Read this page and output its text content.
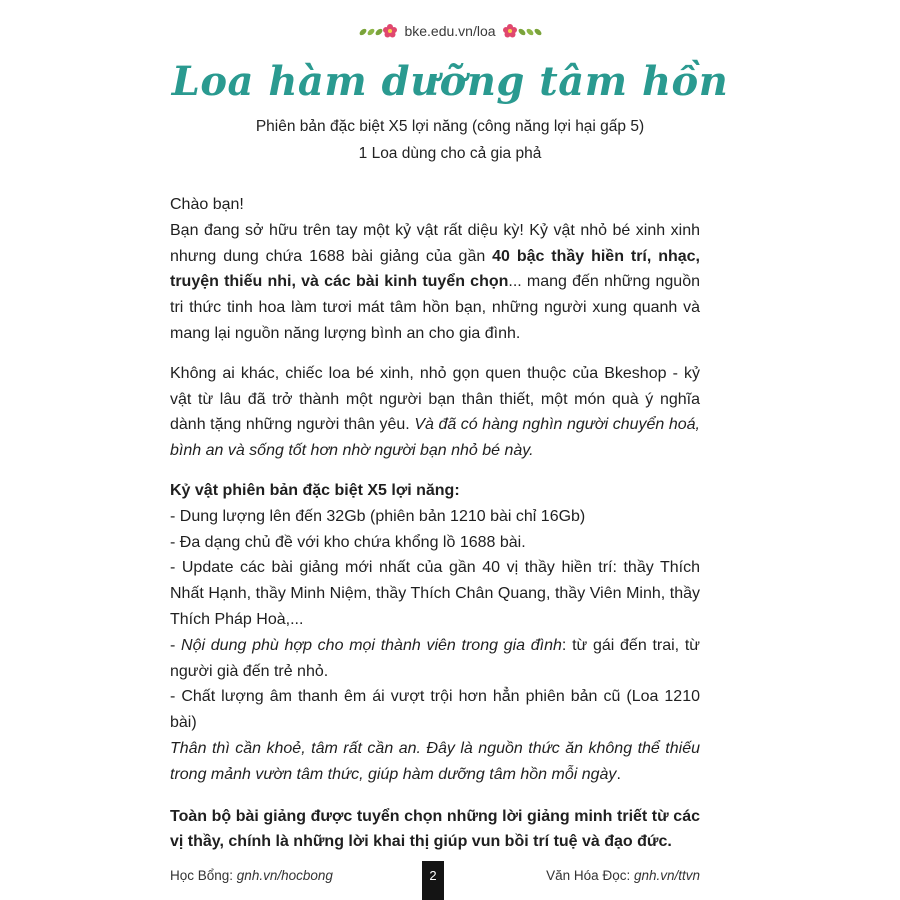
bke.edu.vn/loa
Loa hàm dưỡng tâm hồn
Phiên bản đặc biệt X5 lợi năng (công năng lợi hại gấp 5)
1 Loa dùng cho cả gia phả

Chào bạn!

Bạn đang sở hữu trên tay một kỷ vật rất diệu kỳ! Kỷ vật nhỏ bé xinh xinh nhưng dung chứa 1688 bài giảng của gần 40 bậc thầy hiền trí, nhạc, truyện thiếu nhi, và các bài kinh tuyển chọn... mang đến những nguồn tri thức tinh hoa làm tươi mát tâm hồn bạn, những người xung quanh và mang lại nguồn năng lượng bình an cho gia đình.

Không ai khác, chiếc loa bé xinh, nhỏ gọn quen thuộc của Bkeshop - kỷ vật từ lâu đã trở thành một người bạn thân thiết, một món quà ý nghĩa dành tặng những người thân yêu. Và đã có hàng nghìn người chuyển hoá, bình an và sống tốt hơn nhờ người bạn nhỏ bé này.

Kỷ vật phiên bản đặc biệt X5 lợi năng:

- Dung lượng lên đến 32Gb (phiên bản 1210 bài chỉ 16Gb)

- Đa dạng chủ đề với kho chứa khổng lồ 1688 bài.

- Update các bài giảng mới nhất của gần 40 vị thầy hiền trí: thầy Thích Nhất Hạnh, thầy Minh Niệm, thầy Thích Chân Quang, thầy Viên Minh, thầy Thích Pháp Hoà,...

- Nội dung phù hợp cho mọi thành viên trong gia đình: từ gái đến trai, từ người già đến trẻ nhỏ.

- Chất lượng âm thanh êm ái vượt trội hơn hẳn phiên bản cũ (Loa 1210 bài)

Thân thì cần khoẻ, tâm rất cần an. Đây là nguồn thức ăn không thể thiếu trong mảnh vườn tâm thức, giúp hàm dưỡng tâm hồn mỗi ngày.

Toàn bộ bài giảng được tuyển chọn những lời giảng minh triết từ các vị thầy, chính là những lời khai thị giúp vun bồi trí tuệ và đạo đức.

Học Bổng: gnh.vn/hocbong	2	Văn Hóa Đọc: gnh.vn/ttvn
